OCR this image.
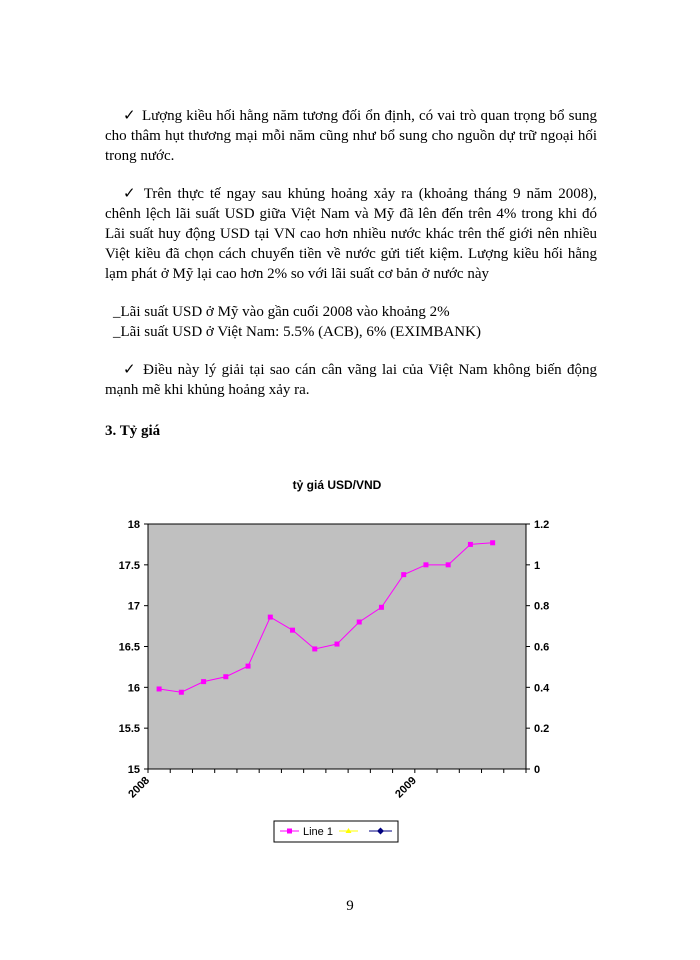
✓ Lượng kiều hối hằng năm tương đối ổn định, có vai trò quan trọng bổ sung cho thâm hụt thương mại mỗi năm cũng như bổ sung cho nguồn dự trữ ngoại hối trong nước.

✓ Trên thực tế ngay sau khủng hoảng xảy ra (khoảng tháng 9 năm 2008), chênh lệch lãi suất USD giữa Việt Nam và Mỹ đã lên đến trên 4% trong khi đó Lãi suất huy động USD tại VN cao hơn nhiều nước khác trên thế giới nên nhiều Việt kiều đã chọn cách chuyển tiền về nước gửi tiết kiệm. Lượng kiều hối hằng lạm phát ở Mỹ lại cao hơn 2% so với lãi suất cơ bản ở nước này

_Lãi suất USD ở Mỹ vào gần cuối 2008 vào khoảng 2%

_Lãi suất USD ở Việt Nam: 5.5% (ACB), 6% (EXIMBANK)

✓ Điều này lý giải tại sao cán cân vãng lai của Việt Nam không biến động mạnh mẽ khi khủng hoảng xảy ra.

3. Tỷ giá

tỷ giá USD/VND
15
15.5
16
16.5
17
17.5
18
0
0.2
0.4
0.6
0.8
1
1.2
2008	2009
Line 1
9
